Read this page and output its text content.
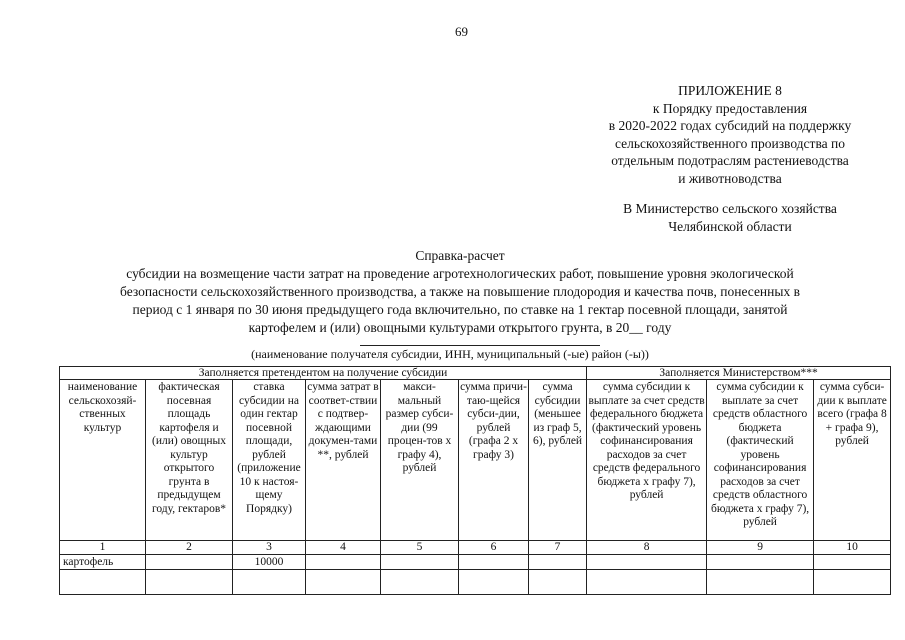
69
ПРИЛОЖЕНИЕ 8
к Порядку предоставления
в 2020-2022 годах субсидий на поддержку
сельскохозяйственного производства по
отдельным подотраслям растениеводства
и животноводства
В Министерство сельского хозяйства
Челябинской области
Справка-расчет
субсидии на возмещение части затрат на проведение агротехнологических работ, повышение уровня экологической
безопасности сельскохозяйственного производства, а также на повышение плодородия и качества почв, понесенных в
период с 1 января по 30 июня предыдущего года включительно, по ставке на 1 гектар посевной площади, занятой
картофелем и (или) овощными культурами открытого грунта, в 20__ году
(наименование получателя субсидии, ИНН, муниципальный (-ые) район (-ы))
Заполняется претендентом на получение субсидии							Заполняется Министерством***		
наименование сельскохозяй-ственных культур	фактическая посевная площадь картофеля и (или) овощных культур открытого грунта в предыдущем году, гектаров*	ставка субсидии на один гектар посевной площади, рублей (приложение 10 к настоя-щему Порядку)	сумма затрат в соответ-ствии с подтвер-ждающими докумен-тами **, рублей	макси-мальный размер субси-дии (99 процен-тов х графу 4), рублей	сумма причи-таю-щейся субси-дии, рублей (графа 2 х графу 3)	сумма субсидии (меньшее из граф 5, 6), рублей	сумма субсидии к выплате за счет средств федерального бюджета (фактический уровень софинансирования расходов за счет средств федерального бюджета х графу 7), рублей	сумма субсидии к выплате за счет средств областного бюджета (фактический уровень софинансирования расходов за счет средств областного бюджета х графу 7), рублей	сумма субси-дии к выплате всего (графа 8 + графа 9), рублей
1	2	3	4	5	6	7	8	9	10
картофель		10000							
